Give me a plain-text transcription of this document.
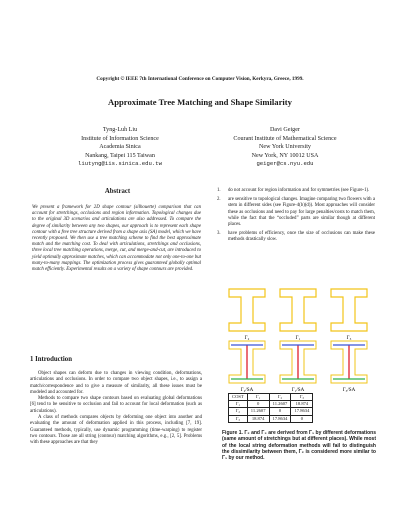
Copyright © IEEE 7th International Conference on Computer Vision, Kerkyra, Greece, 1999.
Approximate Tree Matching and Shape Similarity
Tyng-Luh Liu
Institute of Information Science
Academia Sinica
Nankang, Taipei 115 Taiwan
liutyng@iis.sinica.edu.tw
Davi Geiger
Courant Institute of Mathematical Science
New York University
New York, NY 10012 USA
geiger@cs.nyu.edu
Abstract
We present a framework for 2D shape contour (silhouette) comparison that can account for stretchings, occlusions and region information. Topological changes due to the original 3D scenarios and articulations are also addressed. To compare the degree of similarity between any two shapes, our approach is to represent each shape contour with a free tree structure derived from a shape axis (SA) model, which we have recently proposed. We then use a tree matching scheme to find the best approximate match and the matching cost. To deal with articulations, stretchings and occlusions, three local tree matching operations, merge, cut, and merge-and-cut, are introduced to yield optimally approximate matches, which can accommodate not only one-to-one but many-to-many mappings. The optimization process gives guaranteed globally optimal match efficiently. Experimental results on a variety of shape contours are provided.
1 Introduction

Object shapes can deform due to changes in viewing condition, deformations, articulations and occlusions. In order to compare two object shapes, i.e., to assign a match/correspondence and to give a measure of similarity, all these issues must be modeled and accounted for.

Methods to compare two shape contours based on evaluating global deformations [6] tend to be sensitive to occlusion and fail to account for local deformation (such as articulations).

A class of methods compares objects by deforming one object into another and evaluating the amount of deformation applied in this process, including [7, 19]. Guaranteed methods, typically, use dynamic programming (time-warping) to register two contours. Those are all string (contour) matching algorithms, e.g., [2, 5]. Problems with these approaches are that they

1. do not account for region information and for symmetries (see Figure-1).
2. are sensitive to topological changes. Imagine comparing two flowers with a stem in different sides (see Figure-4(b)(d)). Most approaches will consider these as occlusions and need to pay for large penalties/costs to match them, while the fact that the “occluded” parts are similar though at different places.
3. have problems of efficiency, once the size of occlusions can make these methods drastically slow.
Γ₂	Γ₁	Γ₃
Γ₂/SA	Γ₁/SA	Γ₃/SA
COST	Γ₁	Γ₂	Γ₃
Γ₁	0	11.2607	18.874
Γ₂	11.2607	0	17.8634
Γ₃	18.874	17.8634	0
Figure 1. Γ₂ and Γ₃ are derived from Γ₁ by different deformations (same amount of stretchings but at different places). While most of the local string deformation methods will fail to distinguish the dissimilarity between them, Γ₂ is considered more similar to Γ₁ by our method.
